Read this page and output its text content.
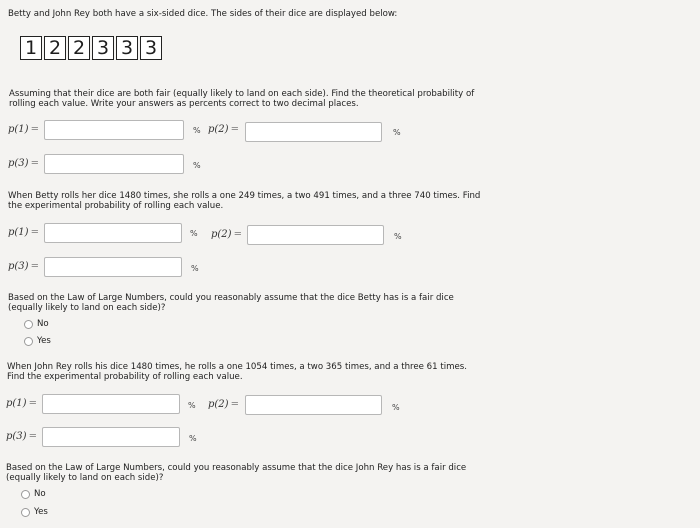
Betty and John Rey both have a six-sided dice. The sides of their dice are displayed below:
1 2 2 3 3 3
Assuming that their dice are both fair (equally likely to land on each side). Find the theoretical probability of
rolling each value. Write your answers as percents correct to two decimal places.
p(1) =	% p(2) =	%
p(3) =	%
When Betty rolls her dice 1480 times, she rolls a one 249 times, a two 491 times, and a three 740 times. Find
the experimental probability of rolling each value.
p(1) =	% p(2) =	%
p(3) =	%
Based on the Law of Large Numbers, could you reasonably assume that the dice Betty has is a fair dice
(equally likely to land on each side)?
No
Yes
When John Rey rolls his dice 1480 times, he rolls a one 1054 times, a two 365 times, and a three 61 times.
Find the experimental probability of rolling each value.
p(1) =	% p(2) =	%
p(3) =	%
Based on the Law of Large Numbers, could you reasonably assume that the dice John Rey has is a fair dice
(equally likely to land on each side)?
No
Yes
